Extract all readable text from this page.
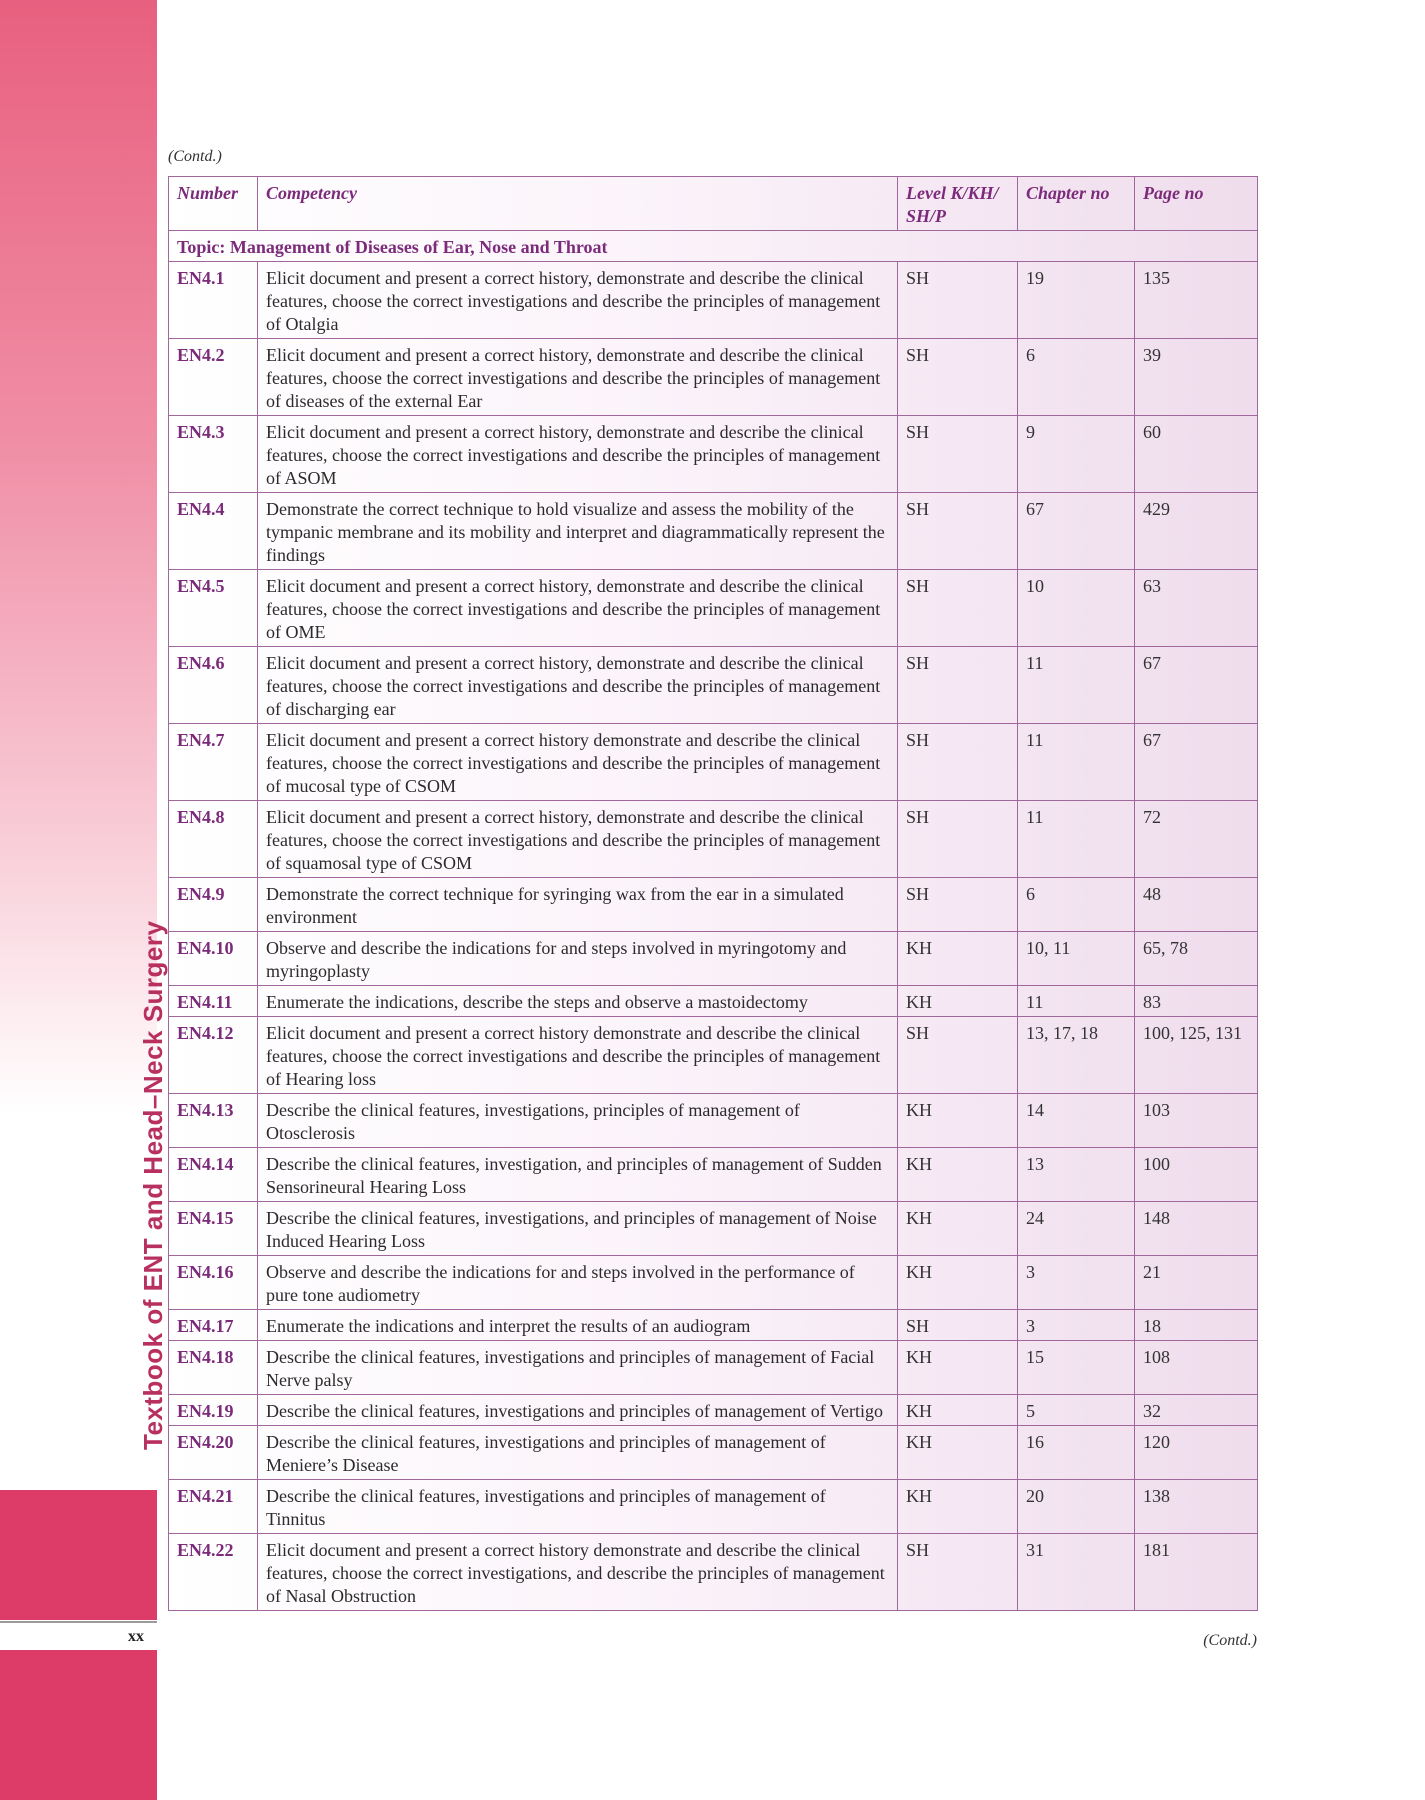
Textbook of ENT and Head–Neck Surgery
xx
(Contd.)
Number	Competency	Level K/KH/ SH/P	Chapter no	Page no
Topic: Management of Diseases of Ear, Nose and Throat				
EN4.1	Elicit document and present a correct history, demonstrate and describe the clinical features, choose the correct investigations and describe the principles of management of Otalgia	SH	19	135
EN4.2	Elicit document and present a correct history, demonstrate and describe the clinical features, choose the correct investigations and describe the principles of management of diseases of the external Ear	SH	6	39
EN4.3	Elicit document and present a correct history, demonstrate and describe the clinical features, choose the correct investigations and describe the principles of management of ASOM	SH	9	60
EN4.4	Demonstrate the correct technique to hold visualize and assess the mobility of the tympanic membrane and its mobility and interpret and diagrammatically represent the findings	SH	67	429
EN4.5	Elicit document and present a correct history, demonstrate and describe the clinical features, choose the correct investigations and describe the principles of management of OME	SH	10	63
EN4.6	Elicit document and present a correct history, demonstrate and describe the clinical features, choose the correct investigations and describe the principles of management of discharging ear	SH	11	67
EN4.7	Elicit document and present a correct history demonstrate and describe the clinical features, choose the correct investigations and describe the principles of management of mucosal type of CSOM	SH	11	67
EN4.8	Elicit document and present a correct history, demonstrate and describe the clinical features, choose the correct investigations and describe the principles of management of squamosal type of CSOM	SH	11	72
EN4.9	Demonstrate the correct technique for syringing wax from the ear in a simulated environment	SH	6	48
EN4.10	Observe and describe the indications for and steps involved in myringotomy and myringoplasty	KH	10, 11	65, 78
EN4.11	Enumerate the indications, describe the steps and observe a mastoidectomy	KH	11	83
EN4.12	Elicit document and present a correct history demonstrate and describe the clinical features, choose the correct investigations and describe the principles of management of Hearing loss	SH	13, 17, 18	100, 125, 131
EN4.13	Describe the clinical features, investigations, principles of management of Otosclerosis	KH	14	103
EN4.14	Describe the clinical features, investigation, and principles of management of Sudden Sensorineural Hearing Loss	KH	13	100
EN4.15	Describe the clinical features, investigations, and principles of management of Noise Induced Hearing Loss	KH	24	148
EN4.16	Observe and describe the indications for and steps involved in the performance of pure tone audiometry	KH	3	21
EN4.17	Enumerate the indications and interpret the results of an audiogram	SH	3	18
EN4.18	Describe the clinical features, investigations and principles of management of Facial Nerve palsy	KH	15	108
EN4.19	Describe the clinical features, investigations and principles of management of Vertigo	KH	5	32
EN4.20	Describe the clinical features, investigations and principles of management of Meniere’s Disease	KH	16	120
EN4.21	Describe the clinical features, investigations and principles of management of Tinnitus	KH	20	138
EN4.22	Elicit document and present a correct history demonstrate and describe the clinical features, choose the correct investigations, and describe the principles of management of Nasal Obstruction	SH	31	181
(Contd.)
